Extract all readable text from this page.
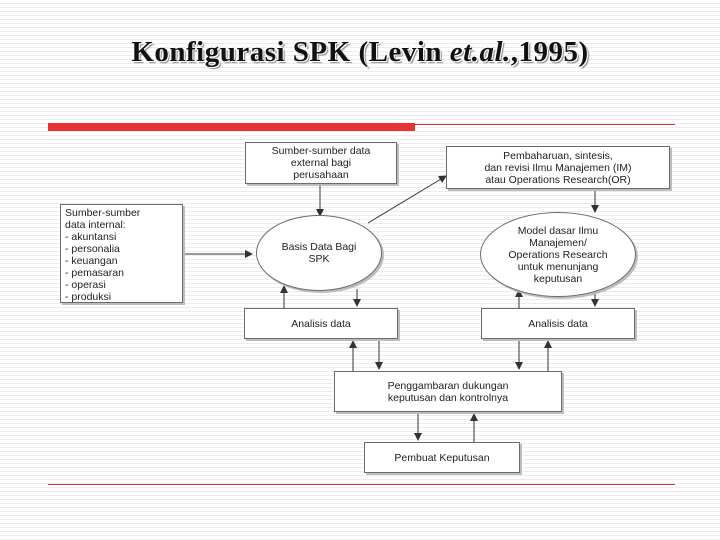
Konfigurasi SPK (Levin et.al.,1995)
Sumber-sumber data
external bagi
perusahaan
Sumber-sumber
data internal:
- akuntansi
- personalia
- keuangan
- pemasaran
- operasi
- produksi
Basis Data Bagi
SPK
Pembaharuan, sintesis,
dan revisi Ilmu Manajemen (IM)
atau Operations Research(OR)
Model dasar Ilmu
Manajemen/
Operations Research
untuk menunjang
keputusan
Analisis data	Analisis data
Penggambaran dukungan
keputusan dan kontrolnya
Pembuat Keputusan
